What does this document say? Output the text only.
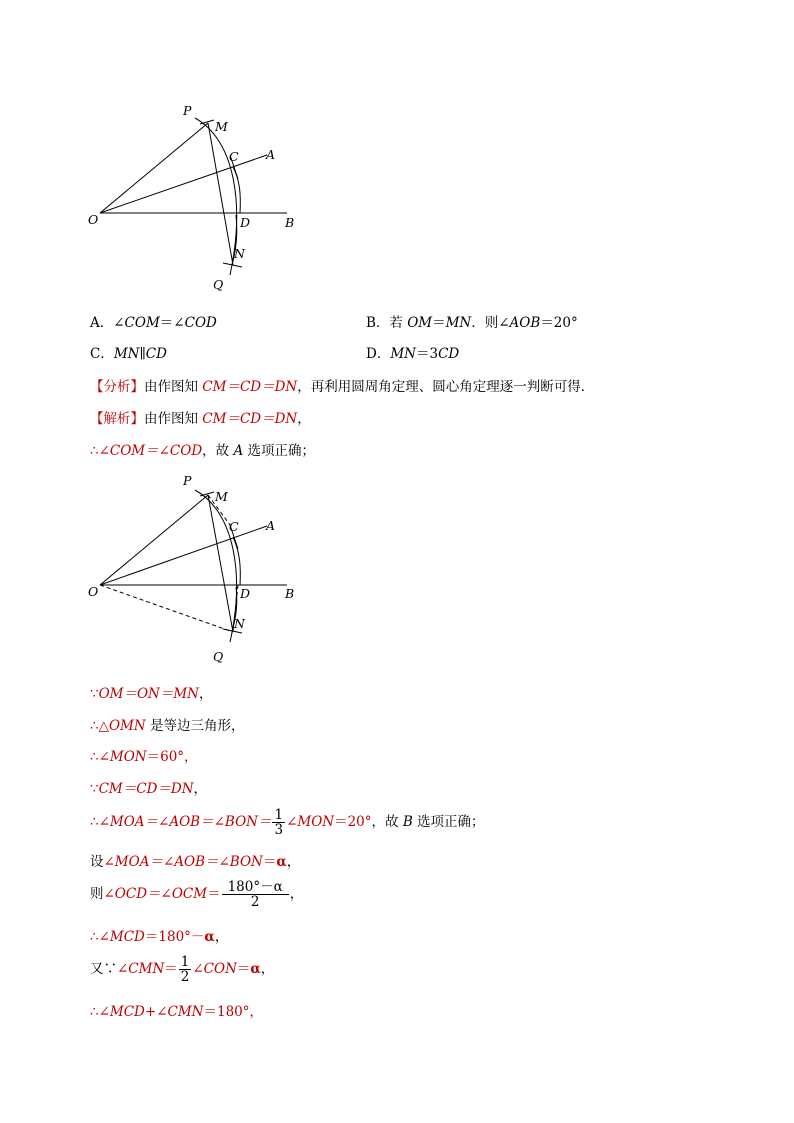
P
M
C A
O	D	B
N
Q
A．∠COM＝∠COD	B．若 OM＝MN．则∠AOB＝20°
C．MN∥CD	D．MN＝3CD
【分析】由作图知 CM＝CD＝DN，再利用圆周角定理、圆心角定理逐一判断可得．
【解析】由作图知 CM＝CD＝DN，
∴∠COM＝∠COD，故 A 选项正确；
P
M
C A
O	D	B
N
Q
∵OM＝ON＝MN，
∴△OMN 是等边三角形，
∴∠MON＝60°，
∵CM＝CD＝DN，
∴∠MOA＝∠AOB＝∠BON＝ $\frac{1}{3}$ ∠MON＝20°，故 B 选项正确；
设∠MOA＝∠AOB＝∠BON＝α，
则∠OCD＝∠OCM＝ $\frac{180^\circ-\alpha}{2}$ ，
∴∠MCD＝180°－α，
又∵∠CMN＝ $\frac{1}{2}$ ∠CON＝α，
∴∠MCD+∠CMN＝180°，
